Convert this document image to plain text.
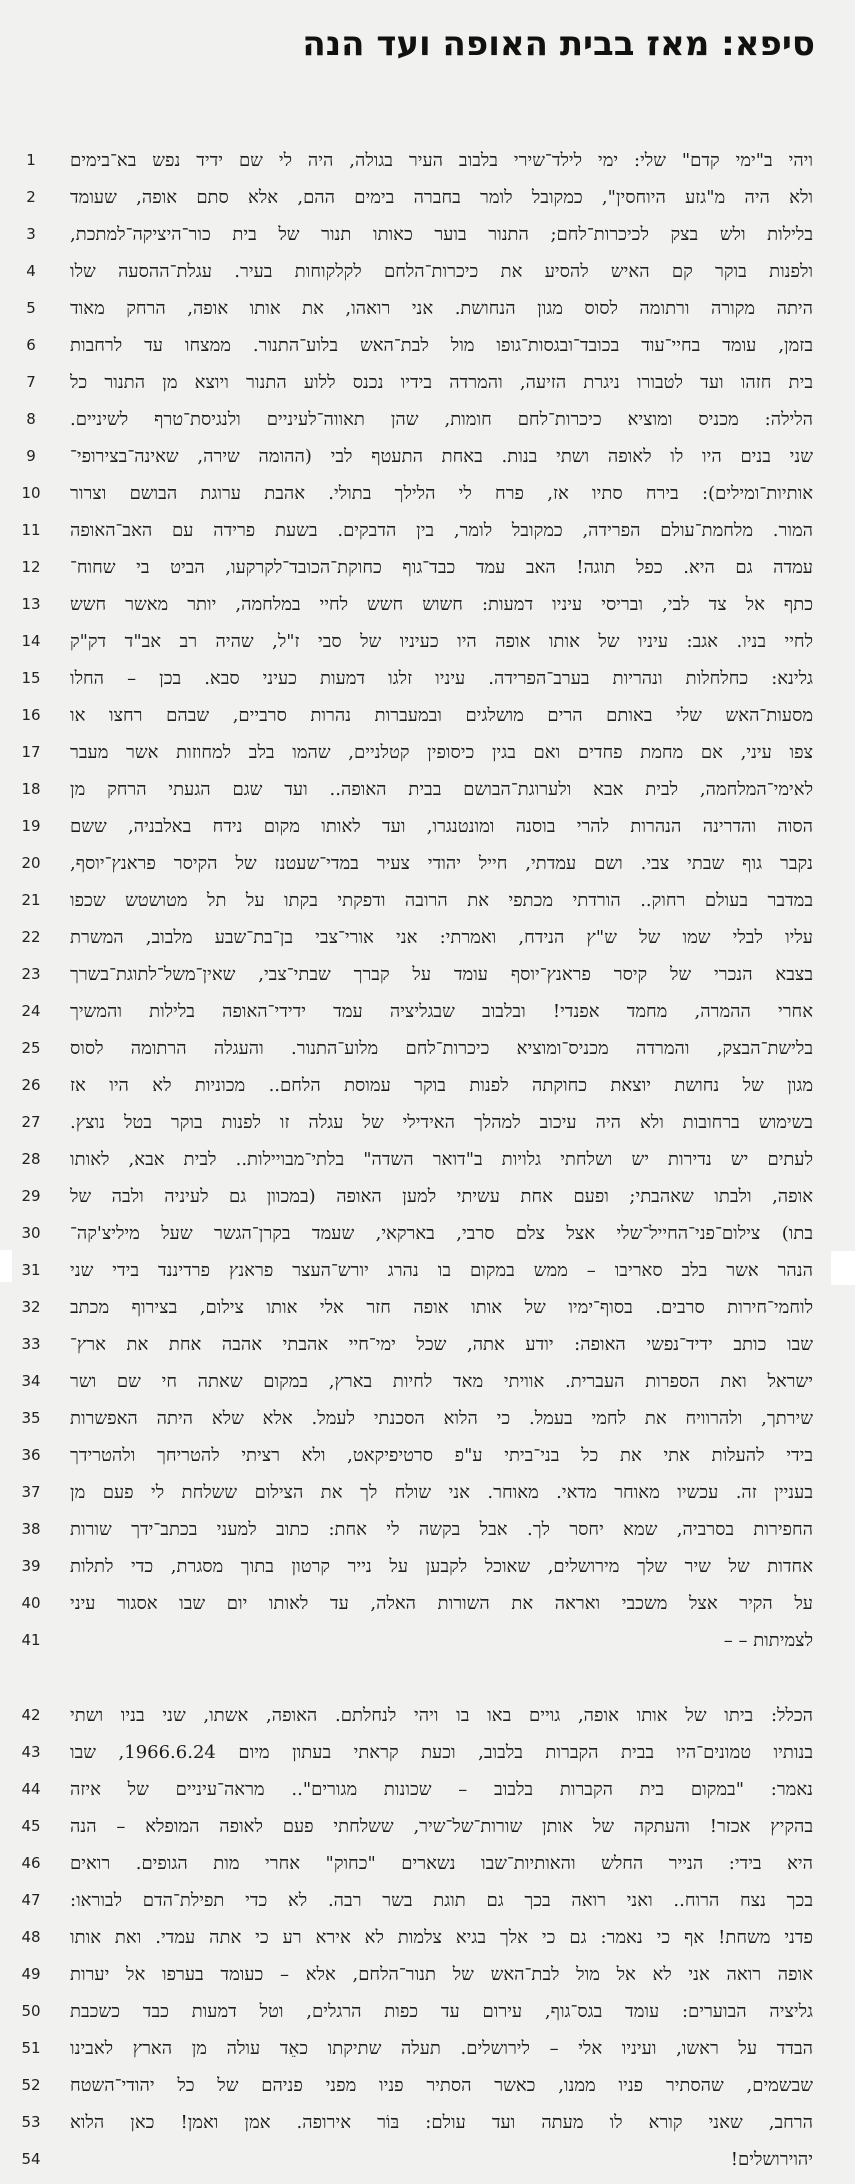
סיפא: מאז בבית האופה ועד הנה
1	ויהי ב"ימי קדם" שלי: ימי לילד־שירי בלבוב העיר בגולה, היה לי שם ידיד נפש בא־בימים
2	ולא היה מ"גזע היוחסין", כמקובל לומר בחברה בימים ההם, אלא סתם אופה, שעומד
3	בלילות ולש בצק לכיכרות־לחם; התנור בוער כאותו תנור של בית כור־היציקה־למתכת,
4	ולפנות בוקר קם האיש להסיע את כיכרות־הלחם לקלקוחות בעיר. עגלת־ההסעה שלו
5	היתה מקורה ורתומה לסוס מגון הנחושת. אני רואהו, את אותו אופה, הרחק מאוד
6	בזמן, עומד בחיי־עוד בכובד־ובגסות־גופו מול לבת־האש בלוע־התנור. ממצחו עד לרחבות
7	בית חזהו ועד לטבורו ניגרת הזיעה, והמרדה בידיו נכנס ללוע התנור ויוצא מן התנור כל
8	הלילה: מכניס ומוציא כיכרות־לחם חומות, שהן תאווה־לעיניים ולנגיסת־טרף לשיניים.
9	שני בנים היו לו לאופה ושתי בנות. באחת התעטף לבי (ההומה שירה, שאינה־בצירופי־
10 אותיות־ומילים): בירח סתיו אז, פרח לי הלילך בתולי. אהבת ערוגת הבושם וצרור
11 המור. מלחמת־עולם הפרידה, כמקובל לומר, בין הדבקים. בשעת פרידה עם האב־האופה
12 עמדה גם היא. כפל תוגה! האב עמד כבד־גוף כחוקת־הכובד־לקרקעו, הביט בי שחוח־
13 כתף אל צד לבי, ובריסי עיניו דמעות: חשוש חשש לחיי במלחמה, יותר מאשר חשש
14 לחיי בניו. אגב: עיניו של אותו אופה היו כעיניו של סבי ז"ל, שהיה רב אב"ד דק"ק
15 גלינא: כחלחלות ונהריות בערב־הפרידה. עיניו זלגו דמעות כעיני סבא. בכן – החלו
16 מסעות־האש שלי באותם הרים מושלגים ובמעברות נהרות סרביים, שבהם רחצו או
17 צפו עיני, אם מחמת פחדים ואם בגין כיסופין קטלניים, שהמו בלב למחוזות אשר מעבר
18 לאימי־המלחמה, לבית אבא ולערוגת־הבושם בבית האופה.. ועד שגם הגעתי הרחק מן
19 הסוה והדרינה הנהרות להרי בוסנה ומונטנגרו, ועד לאותו מקום נידח באלבניה, ששם
20 נקבר גוף שבתי צבי. ושם עמדתי, חייל יהודי צעיר במדי־שעטנז של הקיסר פראנץ־יוסף,
21 במדבר בעולם רחוק.. הורדתי מכתפי את הרובה ודפקתי בקתו על תל מטושטש שכפו
22 עליו לבלי שמו של ש"ץ הנידח, ואמרתי: אני אורי־צבי בן־בת־שבע מלבוב, המשרת
23 בצבא הנכרי של קיסר פראנץ־יוסף עומד על קברך שבתי־צבי, שאין־משל־לתוגת־בשרך
24 אחרי ההמרה, מחמד אפנדי! ובלבוב שבגליציה עמד ידידי־האופה בלילות והמשיך
25 בלישת־הבצק, והמרדה מכניס־ומוציא כיכרות־לחם מלוע־התנור. והעגלה הרתומה לסוס
26 מגון של נחושת יוצאת כחוקתה לפנות בוקר עמוסת הלחם.. מכוניות לא היו אז
27 בשימוש ברחובות ולא היה עיכוב למהלך האידילי של עגלה זו לפנות בוקר בטל נוצץ.
28 לעתים יש נדירות יש ושלחתי גלויות ב"דואר השדה" בלתי־מבויילות.. לבית אבא, לאותו
29 אופה, ולבתו שאהבתי; ופעם אחת עשיתי למען האופה (במכוון גם לעיניה ולבה של
30 בתו) צילום־פני־החייל־שלי אצל צלם סרבי, בארקאי, שעמד בקרן־הגשר שעל מיליצ'קה־
31 הנהר אשר בלב סאריבו – ממש במקום בו נהרג יורש־העצר פראנץ פרדיננד בידי שני
32 לוחמי־חירות סרבים. בסוף־ימיו של אותו אופה חזר אלי אותו צילום, בצירוף מכתב
33 שבו כותב ידיד־נפשי האופה: יודע אתה, שכל ימי־חיי אהבתי אהבה אחת את ארץ־
34 ישראל ואת הספרות העברית. אוויתי מאד לחיות בארץ, במקום שאתה חי שם ושר
35 שירתך, ולהרוויח את לחמי בעמל. כי הלוא הסכנתי לעמל. אלא שלא היתה האפשרות
36 בידי להעלות אתי את כל בני־ביתי ע"פ סרטיפיקאט, ולא רציתי להטריחך ולהטרידך
37 בעניין זה. עכשיו מאוחר מדאי. מאוחר. אני שולח לך את הצילום ששלחת לי פעם מן
38 החפירות בסרביה, שמא יחסר לך. אבל בקשה לי אחת: כתוב למעני בכתב־ידך שורות
39 אחדות של שיר שלך מירושלים, שאוכל לקבען על נייר קרטון בתוך מסגרת, כדי לתלות
40 על הקיר אצל משכבי ואראה את השורות האלה, עד לאותו יום שבו אסגור עיני
41	לצמיתות – –
42 הכלל: ביתו של אותו אופה, גויים באו בו ויהי לנחלתם. האופה, אשתו, שני בניו ושתי
43 בנותיו טמונים־היו בבית הקברות בלבוב, וכעת קראתי בעתון מיום 1966.6.24, שבו
44 נאמר: "במקום בית הקברות בלבוב – שכונות מגורים".. מראה־עיניים של איזה
45 בהקיץ אכזר! והעתקה של אותן שורות־של־שיר, ששלחתי פעם לאופה המופלא – הנה
46 היא בידי: הנייר החלש והאותיות־שבו נשארים "כחוק" אחרי מות הגופים. רואים
47 בכך נצח הרוח.. ואני רואה בכך גם תוגת בשר רבה. לא כדי תפילת־הדם לבוראו:
48 פדני משחת! אף כי נאמר: גם כי אלך בגיא צלמות לא אירא רע כי אתה עמדי. ואת אותו
49 אופה רואה אני לא אל מול לבת־האש של תנור־הלחם, אלא – כעומד בערפו אל יערות
50 גליציה הבוערים: עומד בגס־גוף, עירום עד כפות הרגלים, וטל דמעות כבד כשכבת
51 הבדד על ראשו, ועיניו אלי – לירושלים. תעלה שתיקתו כאֵד עולה מן הארץ לאבינו
52 שבשמים, שהסתיר פניו ממנו, כאשר הסתיר פניו מפני פניהם של כל יהודי־השטח
53 הרחב, שאני קורא לו מעתה ועד עולם: בּוֹר אירופה. אמן ואמן! כאן הלוא
54	יהוירושלים!
